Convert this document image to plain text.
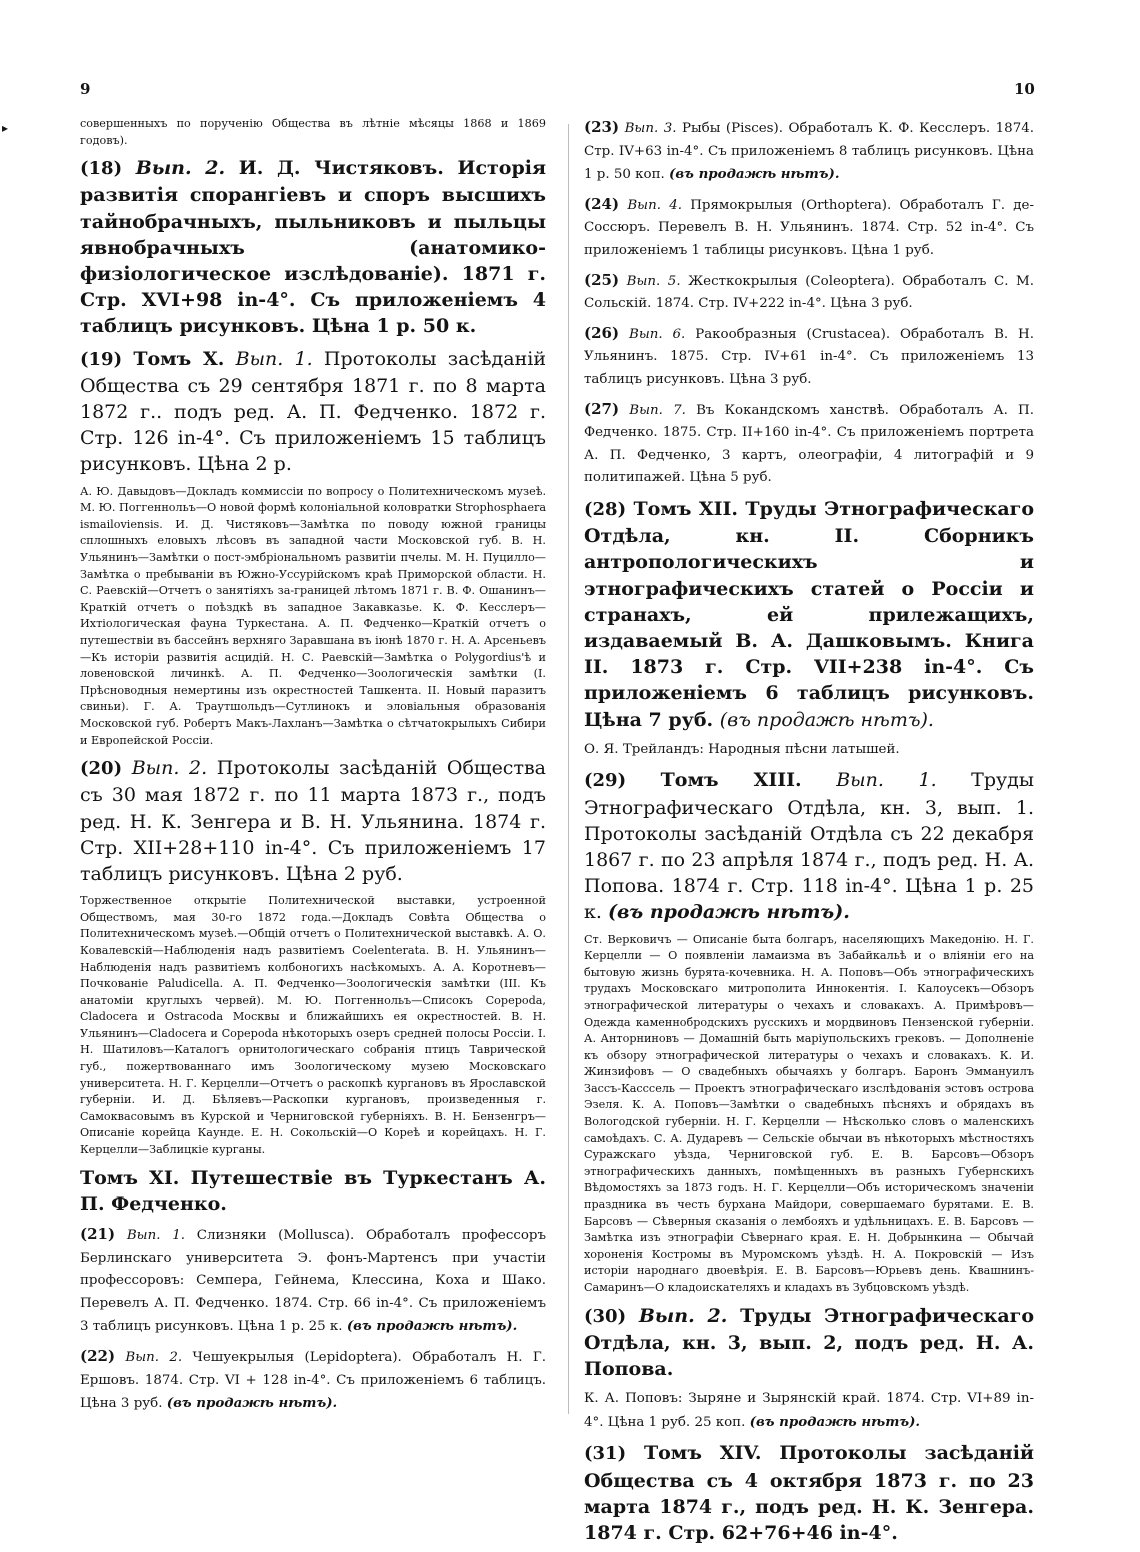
▸
9	10

совершенныхъ по порученію Общества въ лѣтніе мѣсяцы 1868 и 1869 годовъ).

(18) Вып. 2. И. Д. Чистяковъ. Исторія развитія спорангіевъ и споръ высшихъ тайнобрачныхъ, пыльниковъ и пыльцы явнобрачныхъ (анатомико-физіологическое изслѣдованіе). 1871 г. Стр. XVI+98 in-4°. Съ приложеніемъ 4 таблицъ рисунковъ. Цѣна 1 р. 50 к.

(19) Томъ X. Вып. 1. Протоколы засѣданій Общества съ 29 сентября 1871 г. по 8 марта 1872 г.. подъ ред. А. П. Федченко. 1872 г. Стр. 126 in-4°. Съ приложеніемъ 15 таблицъ рисунковъ. Цѣна 2 р.

А. Ю. Давыдовъ—Докладъ коммиссіи по вопросу о Политехническомъ музеѣ. М. Ю. Поггеннольъ—О новой формѣ колоніальной коловратки Strophosphaera ismailoviensis. И. Д. Чистяковъ—Замѣтка по поводу южной границы сплошныхъ еловыхъ лѣсовъ въ западной части Московской губ. В. Н. Ульянинъ—Замѣтки о пост-эмбріональномъ развитіи пчелы. М. Н. Пуцилло—Замѣтка о пребываніи въ Южно-Уссурійскомъ краѣ Приморской области. Н. С. Раевскій—Отчетъ о занятіяхъ за-границей лѣтомъ 1871 г. В. Ф. Ошанинъ—Краткій отчетъ о поѣздкѣ въ западное Закавказье. К. Ф. Кесслеръ—Ихтіологическая фауна Туркестана. А. П. Федченко—Краткій отчетъ о путешествіи въ бассейнъ верхняго Заравшана въ іюнѣ 1870 г. Н. А. Арсеньевъ—Къ исторіи развитія асцидій. Н. С. Раевскій—Замѣтка о Polygordius'ѣ и ловеновской личинкѣ. А. П. Федченко—Зоологическія замѣтки (I. Прѣсноводныя немертины изъ окрестностей Ташкента. II. Новый паразитъ свиньи). Г. А. Траутшольдъ—Сутлинокъ и эловіальныя образованія Московской губ. Робертъ Макъ-Лахланъ—Замѣтка о сѣтчатокрылыхъ Сибири и Европейской Россіи.

(20) Вып. 2. Протоколы засѣданій Общества съ 30 мая 1872 г. по 11 марта 1873 г., подъ ред. Н. К. Зенгера и В. Н. Ульянина. 1874 г. Стр. XII+28+110 in-4°. Съ приложеніемъ 17 таблицъ рисунковъ. Цѣна 2 руб.

Торжественное открытіе Политехнической выставки, устроенной Обществомъ, мая 30-го 1872 года.—Докладъ Совѣта Общества о Политехническомъ музеѣ.—Общій отчетъ о Политехнической выставкѣ. А. О. Ковалевскій—Наблюденія надъ развитіемъ Coelenterata. В. Н. Ульянинъ—Наблюденія надъ развитіемъ колбоногихъ насѣкомыхъ. А. А. Коротневъ—Почкованіе Paludicella. А. П. Федченко—Зоологическія замѣтки (III. Къ анатоміи круглыхъ червей). М. Ю. Поггеннольъ—Списокъ Copepoda, Cladocera и Ostracoda Москвы и ближайшихъ ея окрестностей. В. Н. Ульянинъ—Cladocera и Copepoda нѣкоторыхъ озеръ средней полосы Россіи. І. Н. Шатиловъ—Каталогъ орнитологическаго собранія птицъ Таврической губ., пожертвованнаго имъ Зоологическому музею Московскаго университета. Н. Г. Керцелли—Отчетъ о раскопкѣ кургановъ въ Ярославской губерніи. И. Д. Бѣляевъ—Раскопки кургановъ, произведенныя г. Самоквасовымъ въ Курской и Черниговской губерніяхъ. В. Н. Бензенгръ—Описаніе корейца Каунде. Е. Н. Сокольскій—О Кореѣ и корейцахъ. Н. Г. Керцелли—Заблицкіе курганы.

Томъ XI. Путешествіе въ Туркестанъ А. П. Федченко.

(21) Вып. 1. Слизняки (Mollusca). Обработалъ профессоръ Берлинскаго университета Э. фонъ-Мартенсъ при участіи профессоровъ: Семпера, Гейнема, Клессина, Коха и Шако. Перевелъ А. П. Федченко. 1874. Стр. 66 in-4°. Съ приложеніемъ 3 таблицъ рисунковъ. Цѣна 1 р. 25 к. (въ продажѣ нѣтъ).

(22) Вып. 2. Чешуекрылыя (Lepidoptera). Обработалъ Н. Г. Ершовъ. 1874. Стр. VI + 128 in-4°. Съ приложеніемъ 6 таблицъ. Цѣна 3 руб. (въ продажѣ нѣтъ).

(23) Вып. 3. Рыбы (Pisces). Обработалъ К. Ф. Кесслеръ. 1874. Стр. IV+63 in-4°. Съ приложеніемъ 8 таблицъ рисунковъ. Цѣна 1 р. 50 коп. (въ продажѣ нѣтъ).

(24) Вып. 4. Прямокрылыя (Orthoptera). Обработалъ Г. де-Соссюръ. Перевелъ В. Н. Ульянинъ. 1874. Стр. 52 in-4°. Съ приложеніемъ 1 таблицы рисунковъ. Цѣна 1 руб.

(25) Вып. 5. Жесткокрылыя (Coleoptera). Обработалъ С. М. Сольскій. 1874. Стр. IV+222 in-4°. Цѣна 3 руб.

(26) Вып. 6. Ракообразныя (Crustacea). Обработалъ В. Н. Ульянинъ. 1875. Стр. IV+61 in-4°. Съ приложеніемъ 13 таблицъ рисунковъ. Цѣна 3 руб.

(27) Вып. 7. Въ Кокандскомъ ханствѣ. Обработалъ А. П. Федченко. 1875. Стр. II+160 in-4°. Съ приложеніемъ портрета А. П. Федченко, 3 картъ, олеографіи, 4 литографій и 9 политипажей. Цѣна 5 руб.

(28) Томъ XII. Труды Этнографическаго Отдѣла, кн. II. Сборникъ антропологическихъ и этнографическихъ статей о Россіи и странахъ, ей прилежащихъ, издаваемый В. А. Дашковымъ. Книга II. 1873 г. Стр. VII+238 in-4°. Съ приложеніемъ 6 таблицъ рисунковъ. Цѣна 7 руб. (въ продажѣ нѣтъ).

О. Я. Трейландъ: Народныя пѣсни латышей.

(29) Томъ XIII. Вып. 1. Труды Этнографическаго Отдѣла, кн. 3, вып. 1. Протоколы засѣданій Отдѣла съ 22 декабря 1867 г. по 23 апрѣля 1874 г., подъ ред. Н. А. Попова. 1874 г. Стр. 118 in-4°. Цѣна 1 р. 25 к. (въ продажѣ нѣтъ).

Ст. Верковичъ — Описаніе быта болгаръ, населяющихъ Македонію. Н. Г. Керцелли — О появленіи ламаизма въ Забайкальѣ и о вліяніи его на бытовую жизнь бурята-кочевника. Н. А. Поповъ—Объ этнографическихъ трудахъ Московскаго митрополита Иннокентія. І. Калоусекъ—Обзоръ этнографической литературы о чехахъ и словакахъ. А. Примѣровъ—Одежда каменнобродскихъ русскихъ и мордвиновъ Пензенской губерніи. А. Анторниновъ — Домашній быть маріупольскихъ грековъ. — Дополненіе къ обзору этнографической литературы о чехахъ и словакахъ. К. И. Жинзифовъ — О свадебныхъ обычаяхъ у болгаръ. Баронъ Эммануилъ Зассъ-Касссель — Проектъ этнографическаго изслѣдованія эстовъ острова Эзеля. К. А. Поповъ—Замѣтки о свадебныхъ пѣсняхъ и обрядахъ въ Вологодской губерніи. Н. Г. Керцелли — Нѣсколько словъ о маленскихъ самоѣдахъ. С. А. Дударевъ — Сельскіе обычаи въ нѣкоторыхъ мѣстностяхъ Суражскаго уѣзда, Черниговской губ. Е. В. Барсовъ—Обзоръ этнографическихъ данныхъ, помѣщенныхъ въ разныхъ Губернскихъ Вѣдомостяхъ за 1873 годъ. Н. Г. Керцелли—Объ историческомъ значеніи праздника въ честь бурхана Майдори, совершаемаго бурятами. Е. В. Барсовъ — Сѣверныя сказанія о лембояхъ и удѣльницахъ. Е. В. Барсовъ — Замѣтка изъ этнографіи Сѣвернаго края. Е. Н. Добрынкина — Обычай хороненія Костромы въ Муромскомъ уѣздѣ. Н. А. Покровскій — Изъ исторіи народнаго двоевѣрія. Е. В. Барсовъ—Юрьевъ день. Квашнинъ-Самаринъ—О кладоискателяхъ и кладахъ въ Зубцовскомъ уѣздѣ.

(30) Вып. 2. Труды Этнографическаго Отдѣла, кн. 3, вып. 2, подъ ред. Н. А. Попова.

К. А. Поповъ: Зыряне и Зырянскій край. 1874. Стр. VI+89 in-4°. Цѣна 1 руб. 25 коп. (въ продажѣ нѣтъ).

(31) Томъ XIV. Протоколы засѣданій Общества съ 4 октября 1873 г. по 23 марта 1874 г., подъ ред. Н. К. Зенгера. 1874 г. Стр. 62+76+46 in-4°.
